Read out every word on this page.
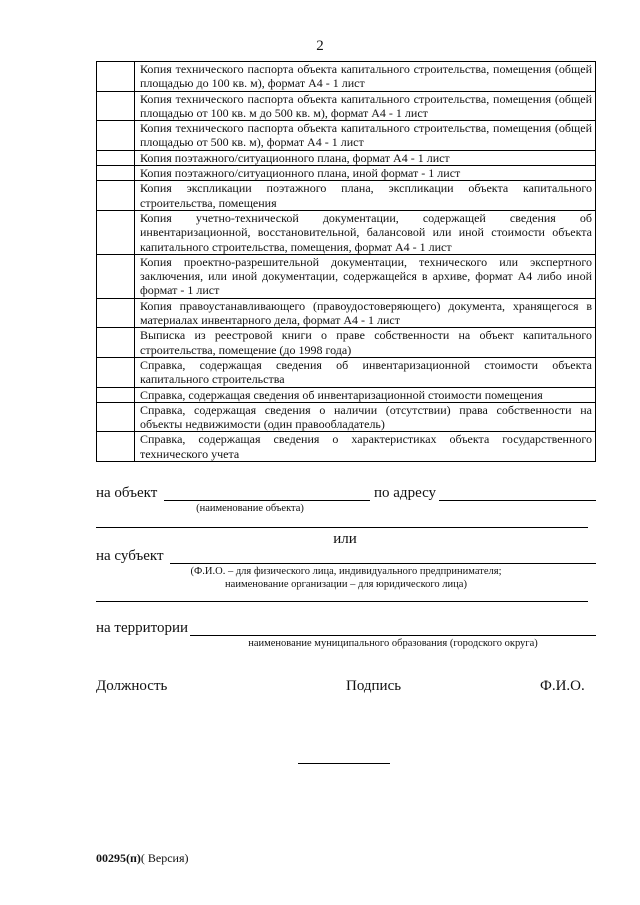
2
	Копия технического паспорта объекта капитального строительства, помещения (общей площадью до 100 кв. м), формат А4 - 1 лист
	Копия технического паспорта объекта капитального строительства, помещения (общей площадью от 100 кв. м до 500 кв. м), формат А4 - 1 лист
	Копия технического паспорта объекта капитального строительства, помещения (общей площадью от 500 кв. м), формат А4 - 1 лист
	Копия поэтажного/ситуационного плана, формат А4 - 1 лист
	Копия поэтажного/ситуационного плана, иной формат - 1 лист
	Копия экспликации поэтажного плана, экспликации объекта капитального строительства, помещения
	Копия учетно-технической документации, содержащей сведения об инвентаризационной, восстановительной, балансовой или иной стоимости объекта капитального строительства, помещения, формат А4 - 1 лист
	Копия проектно-разрешительной документации, технического или экспертного заключения, или иной документации, содержащейся в архиве, формат А4 либо иной формат - 1 лист
	Копия правоустанавливающего (правоудостоверяющего) документа, хранящегося в материалах инвентарного дела, формат А4 - 1 лист
	Выписка из реестровой книги о праве собственности на объект капитального строительства, помещение (до 1998 года)
	Справка, содержащая сведения об инвентаризационной стоимости объекта капитального строительства
	Справка, содержащая сведения об инвентаризационной стоимости помещения
	Справка, содержащая сведения о наличии (отсутствии) права собственности на объекты недвижимости (один правообладатель)
	Справка, содержащая сведения о характеристиках объекта государственного технического учета
на объект	по адресу
(наименование объекта)
или
на субъект
(Ф.И.О. – для физического лица, индивидуального предпринимателя;
наименование организации – для юридического лица)
на территории
наименование муниципального образования (городского округа)
Должность	Подпись	Ф.И.О.
00295(п)( Версия)
